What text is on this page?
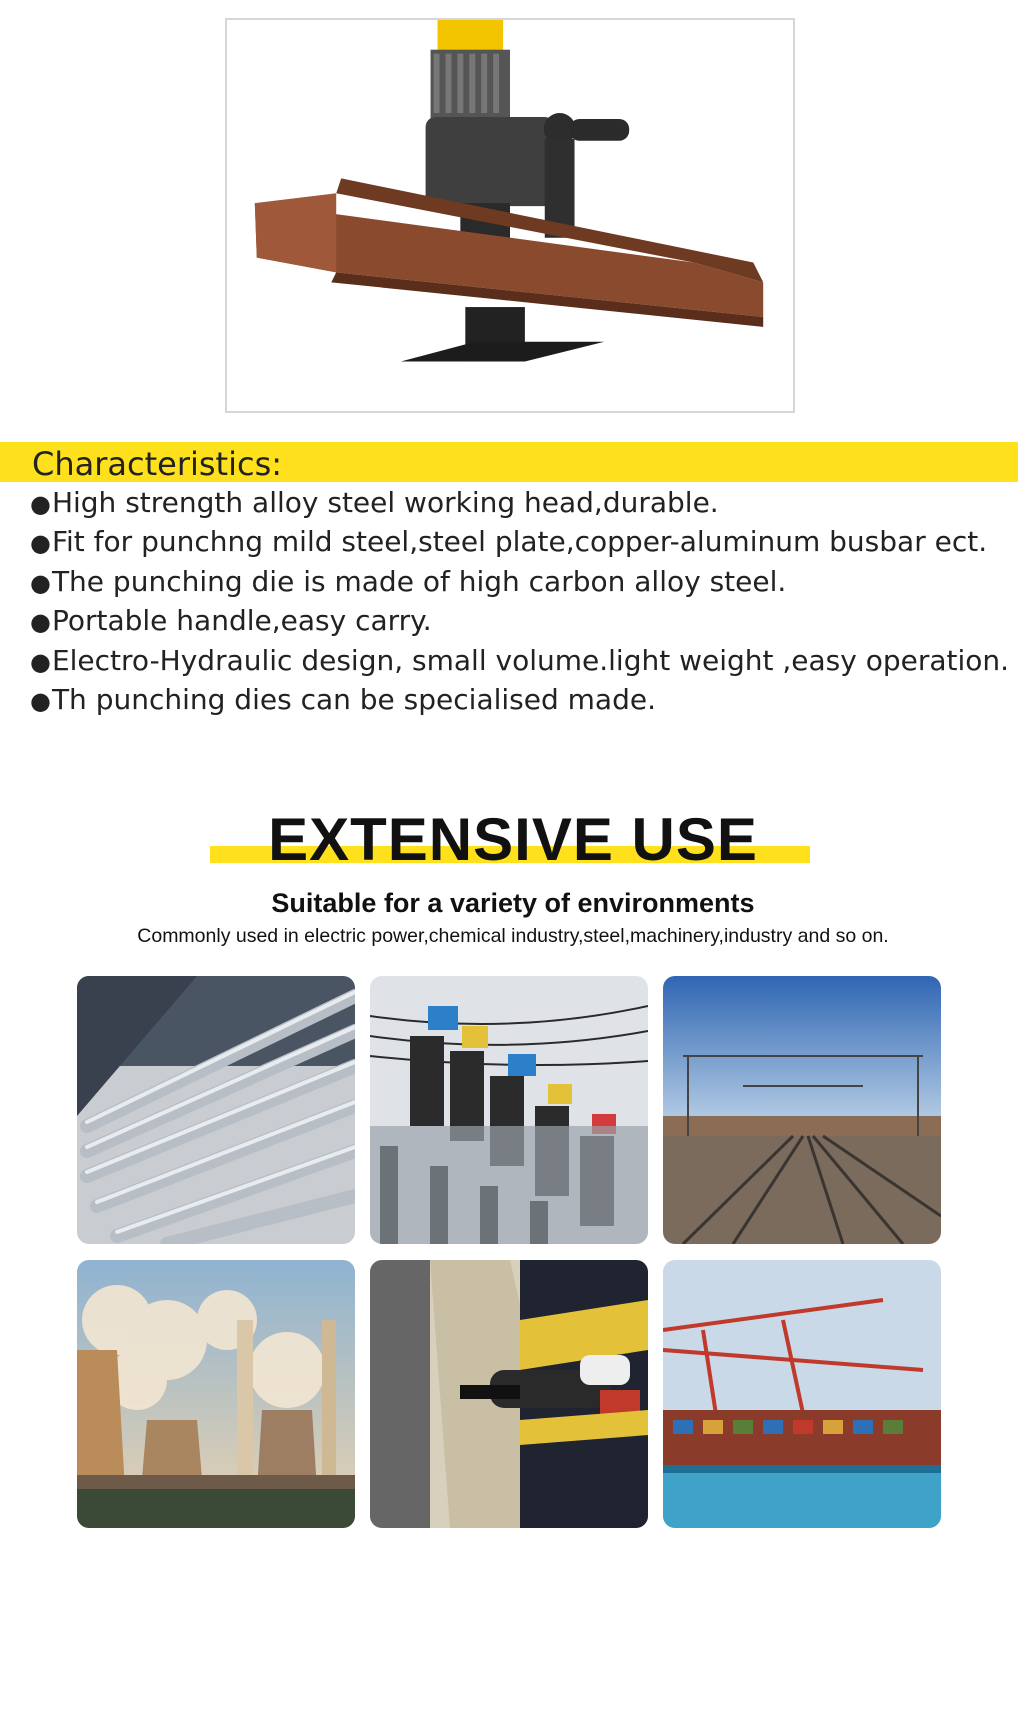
Characteristics:
●High strength alloy steel working head,durable.
●Fit for punchng mild steel,steel plate,copper-aluminum busbar ect.
●The punching die is made of high carbon alloy steel.
●Portable handle,easy carry.
●Electro-Hydraulic design, small volume.light weight ,easy operation.
●Th punching dies can be specialised made.
EXTENSIVE USE
Suitable for a variety of environments
Commonly used in electric power,chemical industry,steel,machinery,industry and so on.
